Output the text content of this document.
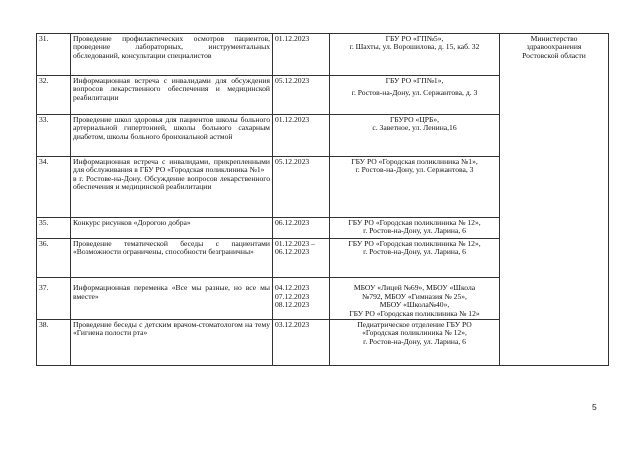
31.	Проведение профилактических осмотров пациентов, проведение лабораторных, инструментальных обследований, консультации специалистов	01.12.2023	ГБУ РО «ГП№5»,
г. Шахты, ул. Ворошилова, д. 15, каб. 32	Министерство
здравоохранения
Ростовской области

32.	Информационная встреча с инвалидами для обсуждения вопросов лекарственного обеспечения и медицинской реабилитации	05.12.2023	ГБУ РО «ГП№1»,
г. Ростов-на-Дону, ул. Сержантова, д. 3	

33.	Проведение школ здоровья для пациентов школы больного артериальной гипертонией, школы больного сахарным диабетом, школы больного бронхиальной астмой	01.12.2023	ГБУРО «ЦРБ»,
с. Заветное, ул. Ленина,16	

34.	Информационная встреча с инвалидами, прикрепленными для обслуживания в ГБУ РО «Городская поликлиника №1»
в г. Ростове-на-Дону. Обсуждение вопросов лекарственного обеспечения и медицинской реабилитации	05.12.2023	ГБУ РО «Городская поликлиника №1»,
г. Ростов-на-Дону, ул. Сержантова, 3	

35.	Конкурс рисунков «Дорогою добра»	06.12.2023	ГБУ РО «Городская поликлиника № 12»,
г. Ростов-на-Дону, ул. Ларина, 6	

36.	Проведение тематической беседы с пациентами «Возможности ограничены, способности безграничны»	01.12.2023 –
06.12.2023	ГБУ РО «Городская поликлиника № 12»,
г. Ростов-на-Дону, ул. Ларина, 6	

37.	Информационная переменка «Все мы разные, но все мы вместе»	04.12.2023
07.12.2023
08.12.2023	МБОУ «Лицей №69», МБОУ «Школа
№792, МБОУ «Гимназия № 25»,
МБОУ «Школа№40»,
ГБУ РО «Городская поликлиника № 12»	

38.	Проведение беседы с детским врачом-стоматологом на тему «Гигиена полости рта»	03.12.2023	Педиатрическое отделение ГБУ РО
«Городская поликлиника № 12»,
г. Ростов-на-Дону, ул. Ларина, 6	
5
